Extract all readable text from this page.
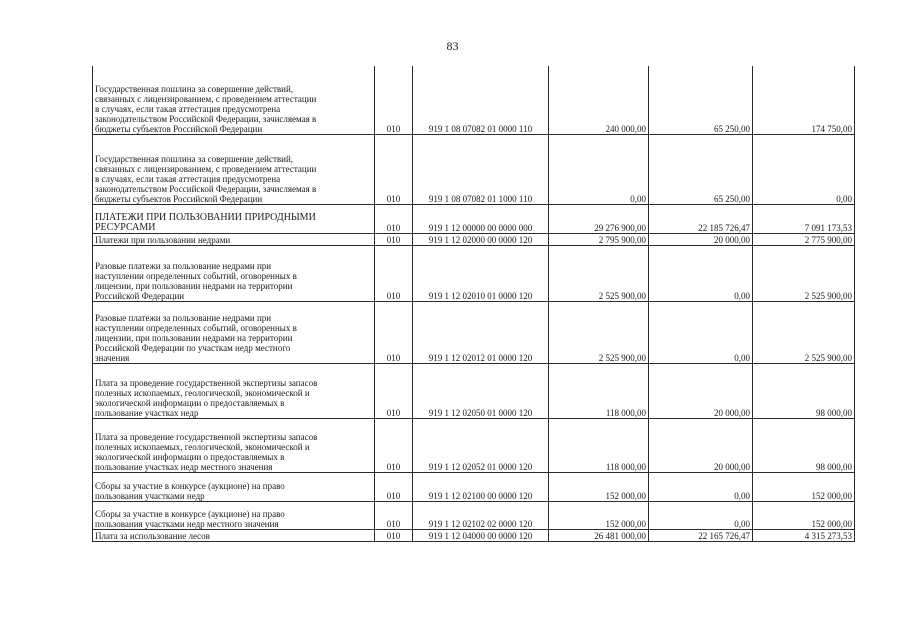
83
Государственная пошлина за совершение действий,
связанных с лицензированием, с проведением аттестации
в случаях, если такая аттестация предусмотрена
законодательством Российской Федерации, зачисляемая в
бюджеты субъектов Российской Федерации	010	919 1 08 07082 01 0000 110	240 000,00	65 250,00	174 750,00

Государственная пошлина за совершение действий,
связанных с лицензированием, с проведением аттестации
в случаях, если такая аттестация предусмотрена
законодательством Российской Федерации, зачисляемая в
бюджеты субъектов Российской Федерации	010	919 1 08 07082 01 1000 110	0,00	65 250,00	0,00

ПЛАТЕЖИ ПРИ ПОЛЬЗОВАНИИ ПРИРОДНЫМИ
РЕСУРСАМИ	010	919 1 12 00000 00 0000 000	29 276 900,00	22 185 726,47	7 091 173,53

Платежи при пользовании недрами	010	919 1 12 02000 00 0000 120	2 795 900,00	20 000,00	2 775 900,00

Разовые платежи за пользование недрами при
наступлении определенных событий, оговоренных в
лицензии, при пользовании недрами на территории
Российской Федерации	010	919 1 12 02010 01 0000 120	2 525 900,00	0,00	2 525 900,00

Разовые платежи за пользование недрами при
наступлении определенных событий, оговоренных в
лицензии, при пользовании недрами на территории
Российской Федерации по участкам недр местного
значения	010	919 1 12 02012 01 0000 120	2 525 900,00	0,00	2 525 900,00

Плата за проведение государственной экспертизы запасов
полезных ископаемых, геологической, экономической и
экологической информации о предоставляемых в
пользование участках недр	010	919 1 12 02050 01 0000 120	118 000,00	20 000,00	98 000,00

Плата за проведение государственной экспертизы запасов
полезных ископаемых, геологической, экономической и
экологической информации о предоставляемых в
пользование участках недр местного значения	010	919 1 12 02052 01 0000 120	118 000,00	20 000,00	98 000,00

Сборы за участие в конкурсе (аукционе) на право
пользования участками недр	010	919 1 12 02100 00 0000 120	152 000,00	0,00	152 000,00

Сборы за участие в конкурсе (аукционе) на право
пользования участками недр местного значения	010	919 1 12 02102 02 0000 120	152 000,00	0,00	152 000,00

Плата за использование лесов	010	919 1 12 04000 00 0000 120	26 481 000,00	22 165 726,47	4 315 273,53
